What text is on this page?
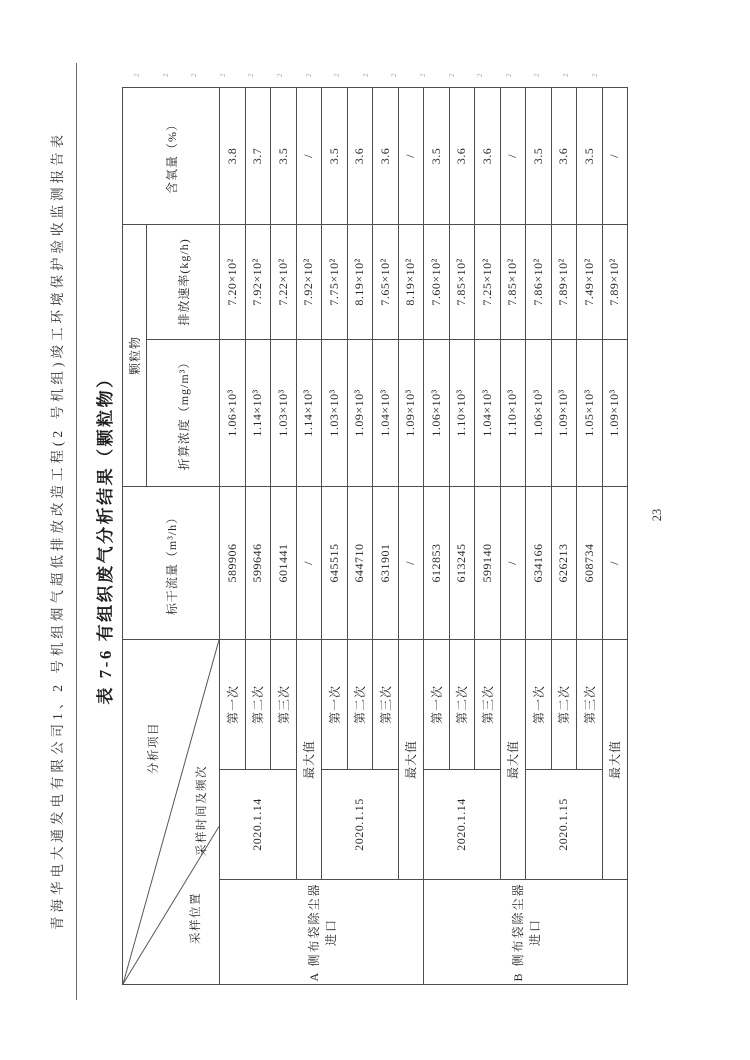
青海华电大通发电有限公司1、2 号机组烟气超低排放改造工程(2 号机组)竣工环境保护验收监测报告表 表 7-6 有组织废气分析结果（颗粒物）
分析项目
采样时间及频次
采样位置			标干流量（m³/h）	颗粒物		含氧量（%）
				折算浓度（mg/m³）	排放速率(kg/h)	
A 侧布袋除尘器进口	2020.1.14	第一次	589906	1.06×10³	7.20×10²	3.8
		第二次	599646	1.14×10³	7.92×10²	3.7
		第三次	601441	1.03×10³	7.22×10²	3.5
	最大值		/	1.14×10³	7.92×10²	/
	2020.1.15	第一次	645515	1.03×10³	7.75×10²	3.5
		第二次	644710	1.09×10³	8.19×10²	3.6
		第三次	631901	1.04×10³	7.65×10²	3.6
	最大值		/	1.09×10³	8.19×10²	/
B 侧布袋除尘器进口	2020.1.14	第一次	612853	1.06×10³	7.60×10²	3.5
		第二次	613245	1.10×10³	7.85×10²	3.6
		第三次	599140	1.04×10³	7.25×10²	3.6
	最大值		/	1.10×10³	7.85×10²	/
	2020.1.15	第一次	634166	1.06×10³	7.86×10²	3.5
		第二次	626213	1.09×10³	7.89×10²	3.6
		第三次	608734	1.05×10³	7.49×10²	3.5
	最大值		/	1.09×10³	7.89×10²	/
23
2	2	2	2	2	2	2	2	2	2	2	2	2	2	2	2	2
